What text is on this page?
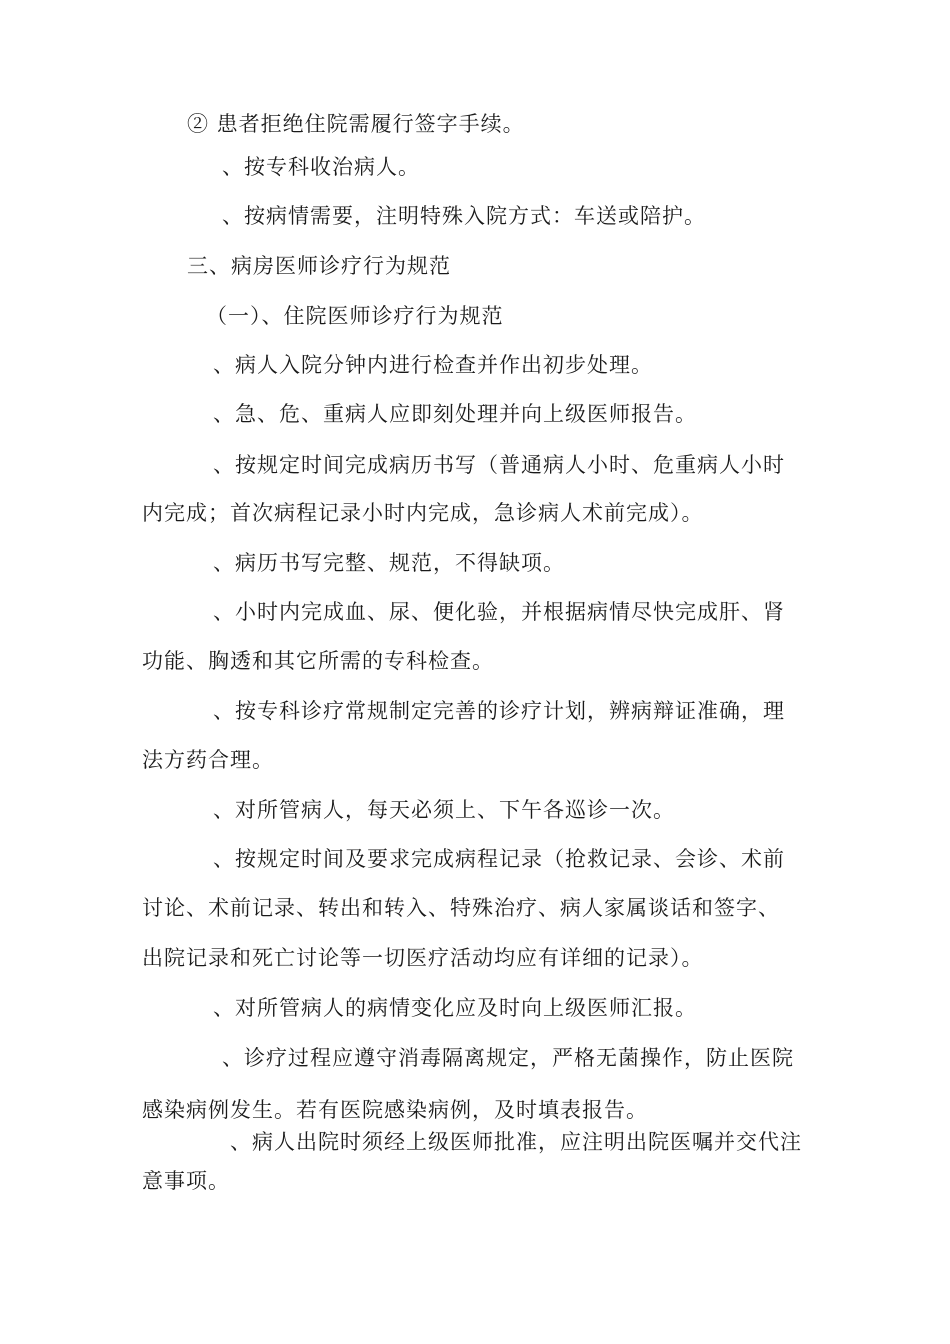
② 患者拒绝住院需履行签字手续。
、按专科收治病人。
、按病情需要，注明特殊入院方式：车送或陪护。
三、病房医师诊疗行为规范
（一）、住院医师诊疗行为规范
、病人入院分钟内进行检查并作出初步处理。
、急、危、重病人应即刻处理并向上级医师报告。
、按规定时间完成病历书写（普通病人小时、危重病人小时
内完成；首次病程记录小时内完成，急诊病人术前完成）。
、病历书写完整、规范，不得缺项。
、小时内完成血、尿、便化验，并根据病情尽快完成肝、肾
功能、胸透和其它所需的专科检查。
、按专科诊疗常规制定完善的诊疗计划，辨病辩证准确，理
法方药合理。
、对所管病人，每天必须上、下午各巡诊一次。
、按规定时间及要求完成病程记录（抢救记录、会诊、术前
讨论、术前记录、转出和转入、特殊治疗、病人家属谈话和签字、
出院记录和死亡讨论等一切医疗活动均应有详细的记录）。
、对所管病人的病情变化应及时向上级医师汇报。
、诊疗过程应遵守消毒隔离规定，严格无菌操作，防止医院
感染病例发生。若有医院感染病例，及时填表报告。
、病人出院时须经上级医师批准，应注明出院医嘱并交代注
意事项。
